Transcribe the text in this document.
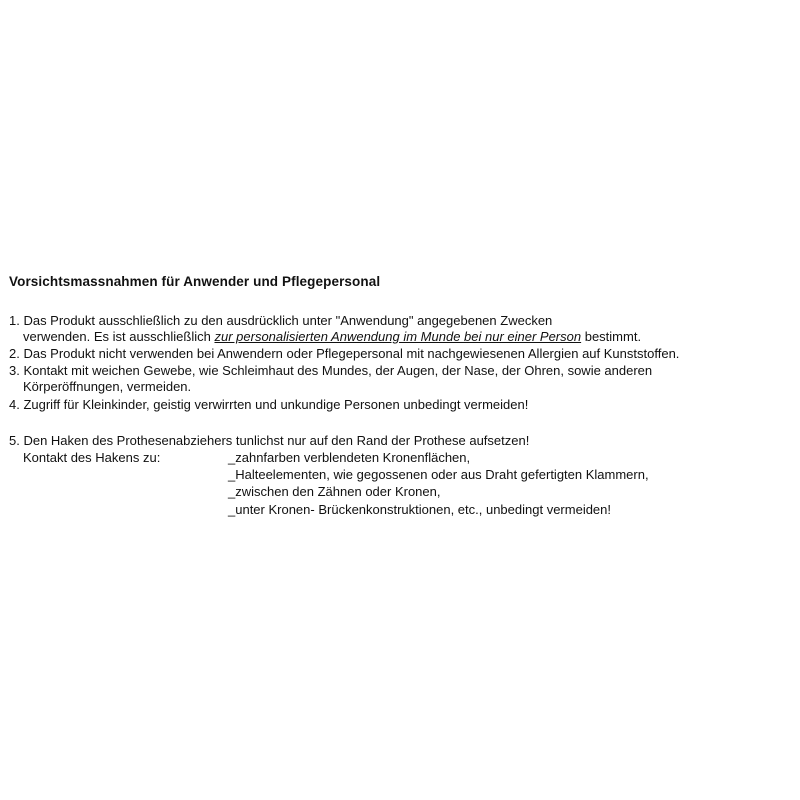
Vorsichtsmassnahmen für Anwender und Pflegepersonal
1. Das Produkt ausschließlich zu den ausdrücklich unter "Anwendung" angegebenen Zwecken
verwenden. Es ist ausschließlich zur personalisierten Anwendung im Munde bei nur einer Person bestimmt.
2. Das Produkt nicht verwenden bei Anwendern oder Pflegepersonal mit nachgewiesenen Allergien auf Kunststoffen.
3. Kontakt mit weichen Gewebe, wie Schleimhaut des Mundes, der Augen, der Nase, der Ohren, sowie anderen
Körperöffnungen, vermeiden.
4. Zugriff für Kleinkinder, geistig verwirrten und unkundige Personen unbedingt vermeiden!
5. Den Haken des Prothesenabziehers tunlichst nur auf den Rand der Prothese aufsetzen!
Kontakt des Hakens zu:	_zahnfarben verblendeten Kronenflächen,
_Halteelementen, wie gegossenen oder aus Draht gefertigten Klammern,
_zwischen den Zähnen oder Kronen,
_unter Kronen- Brückenkonstruktionen, etc., unbedingt vermeiden!
